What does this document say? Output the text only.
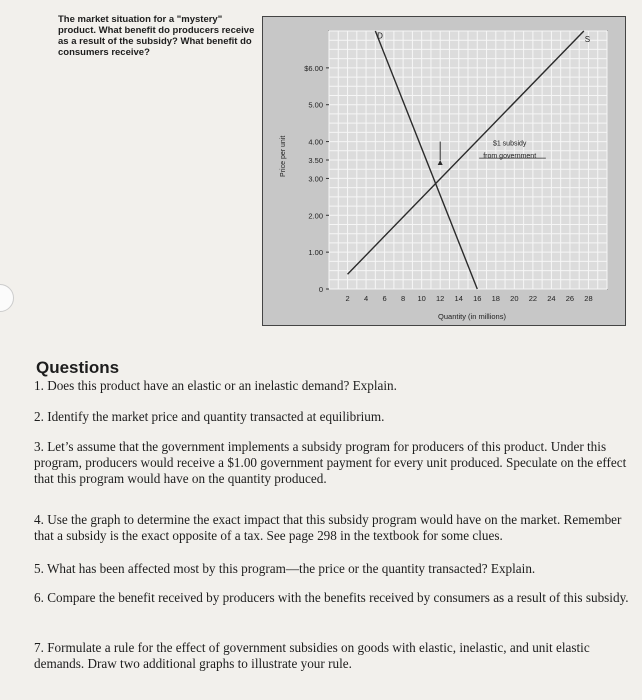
The market situation for a "mystery" product. What benefit do producers receive as a result of the subsidy? What benefit do consumers receive?

0
1.00
2.00
3.00
3.50
4.00
5.00
$6.00
2 4 6 8 10 12 14 16 18 20 22 24 26 28
Price per unit
Quantity (in millions)
D	S
$1 subsidy
from government
Questions
1. Does this product have an elastic or an inelastic demand? Explain.
2. Identify the market price and quantity transacted at equilibrium.
3. Let’s assume that the government implements a subsidy program for producers of this product. Under this program, producers would receive a $1.00 government payment for every unit produced. Speculate on the effect that this program would have on the quantity produced.
4. Use the graph to determine the exact impact that this subsidy program would have on the market. Remember that a subsidy is the exact opposite of a tax. See page 298 in the textbook for some clues.
5. What has been affected most by this program—the price or the quantity transacted? Explain.
6. Compare the benefit received by producers with the benefits received by consumers as a result of this subsidy.
7. Formulate a rule for the effect of government subsidies on goods with elastic, inelastic, and unit elastic demands. Draw two additional graphs to illustrate your rule.
